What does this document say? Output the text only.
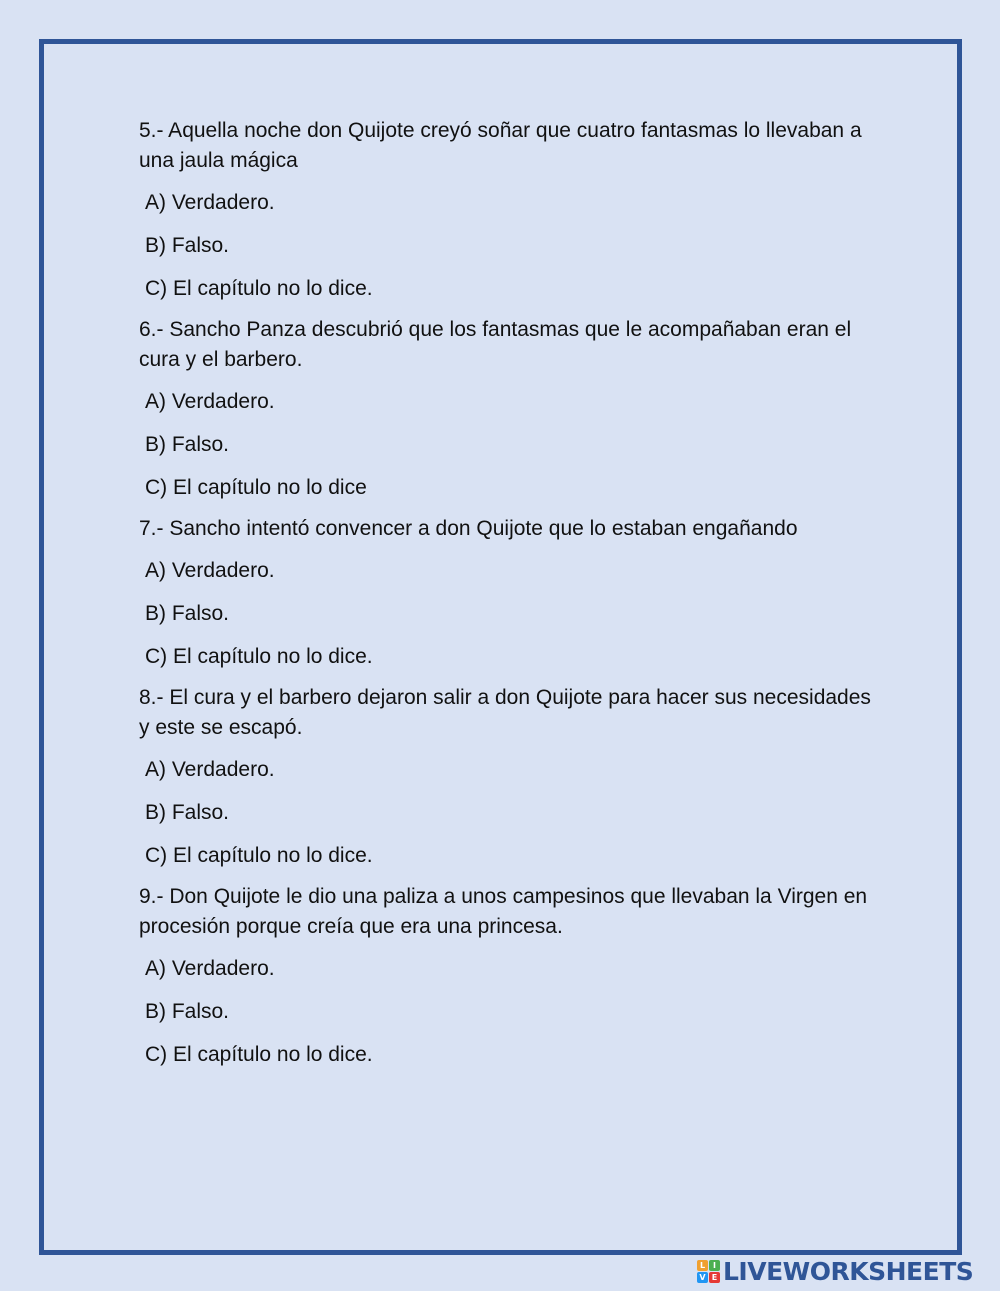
5.- Aquella noche don Quijote creyó soñar que cuatro fantasmas lo llevaban a una jaula mágica

A) Verdadero.

B) Falso.

C) El capítulo no lo dice.

6.- Sancho Panza descubrió que los fantasmas que le acompañaban eran el cura y el barbero.

A) Verdadero.

B) Falso.

C) El capítulo no lo dice

7.- Sancho intentó convencer a don Quijote que lo estaban engañando

A) Verdadero.

B) Falso.

C) El capítulo no lo dice.

8.- El cura y el barbero dejaron salir a don Quijote para hacer sus necesidades y este se escapó.

A) Verdadero.

B) Falso.

C) El capítulo no lo dice.

9.- Don Quijote le dio una paliza a unos campesinos que llevaban la Virgen en procesión porque creía que era una princesa.

A) Verdadero.

B) Falso.

C) El capítulo no lo dice.

L I
V E LIVEWORKSHEETS
